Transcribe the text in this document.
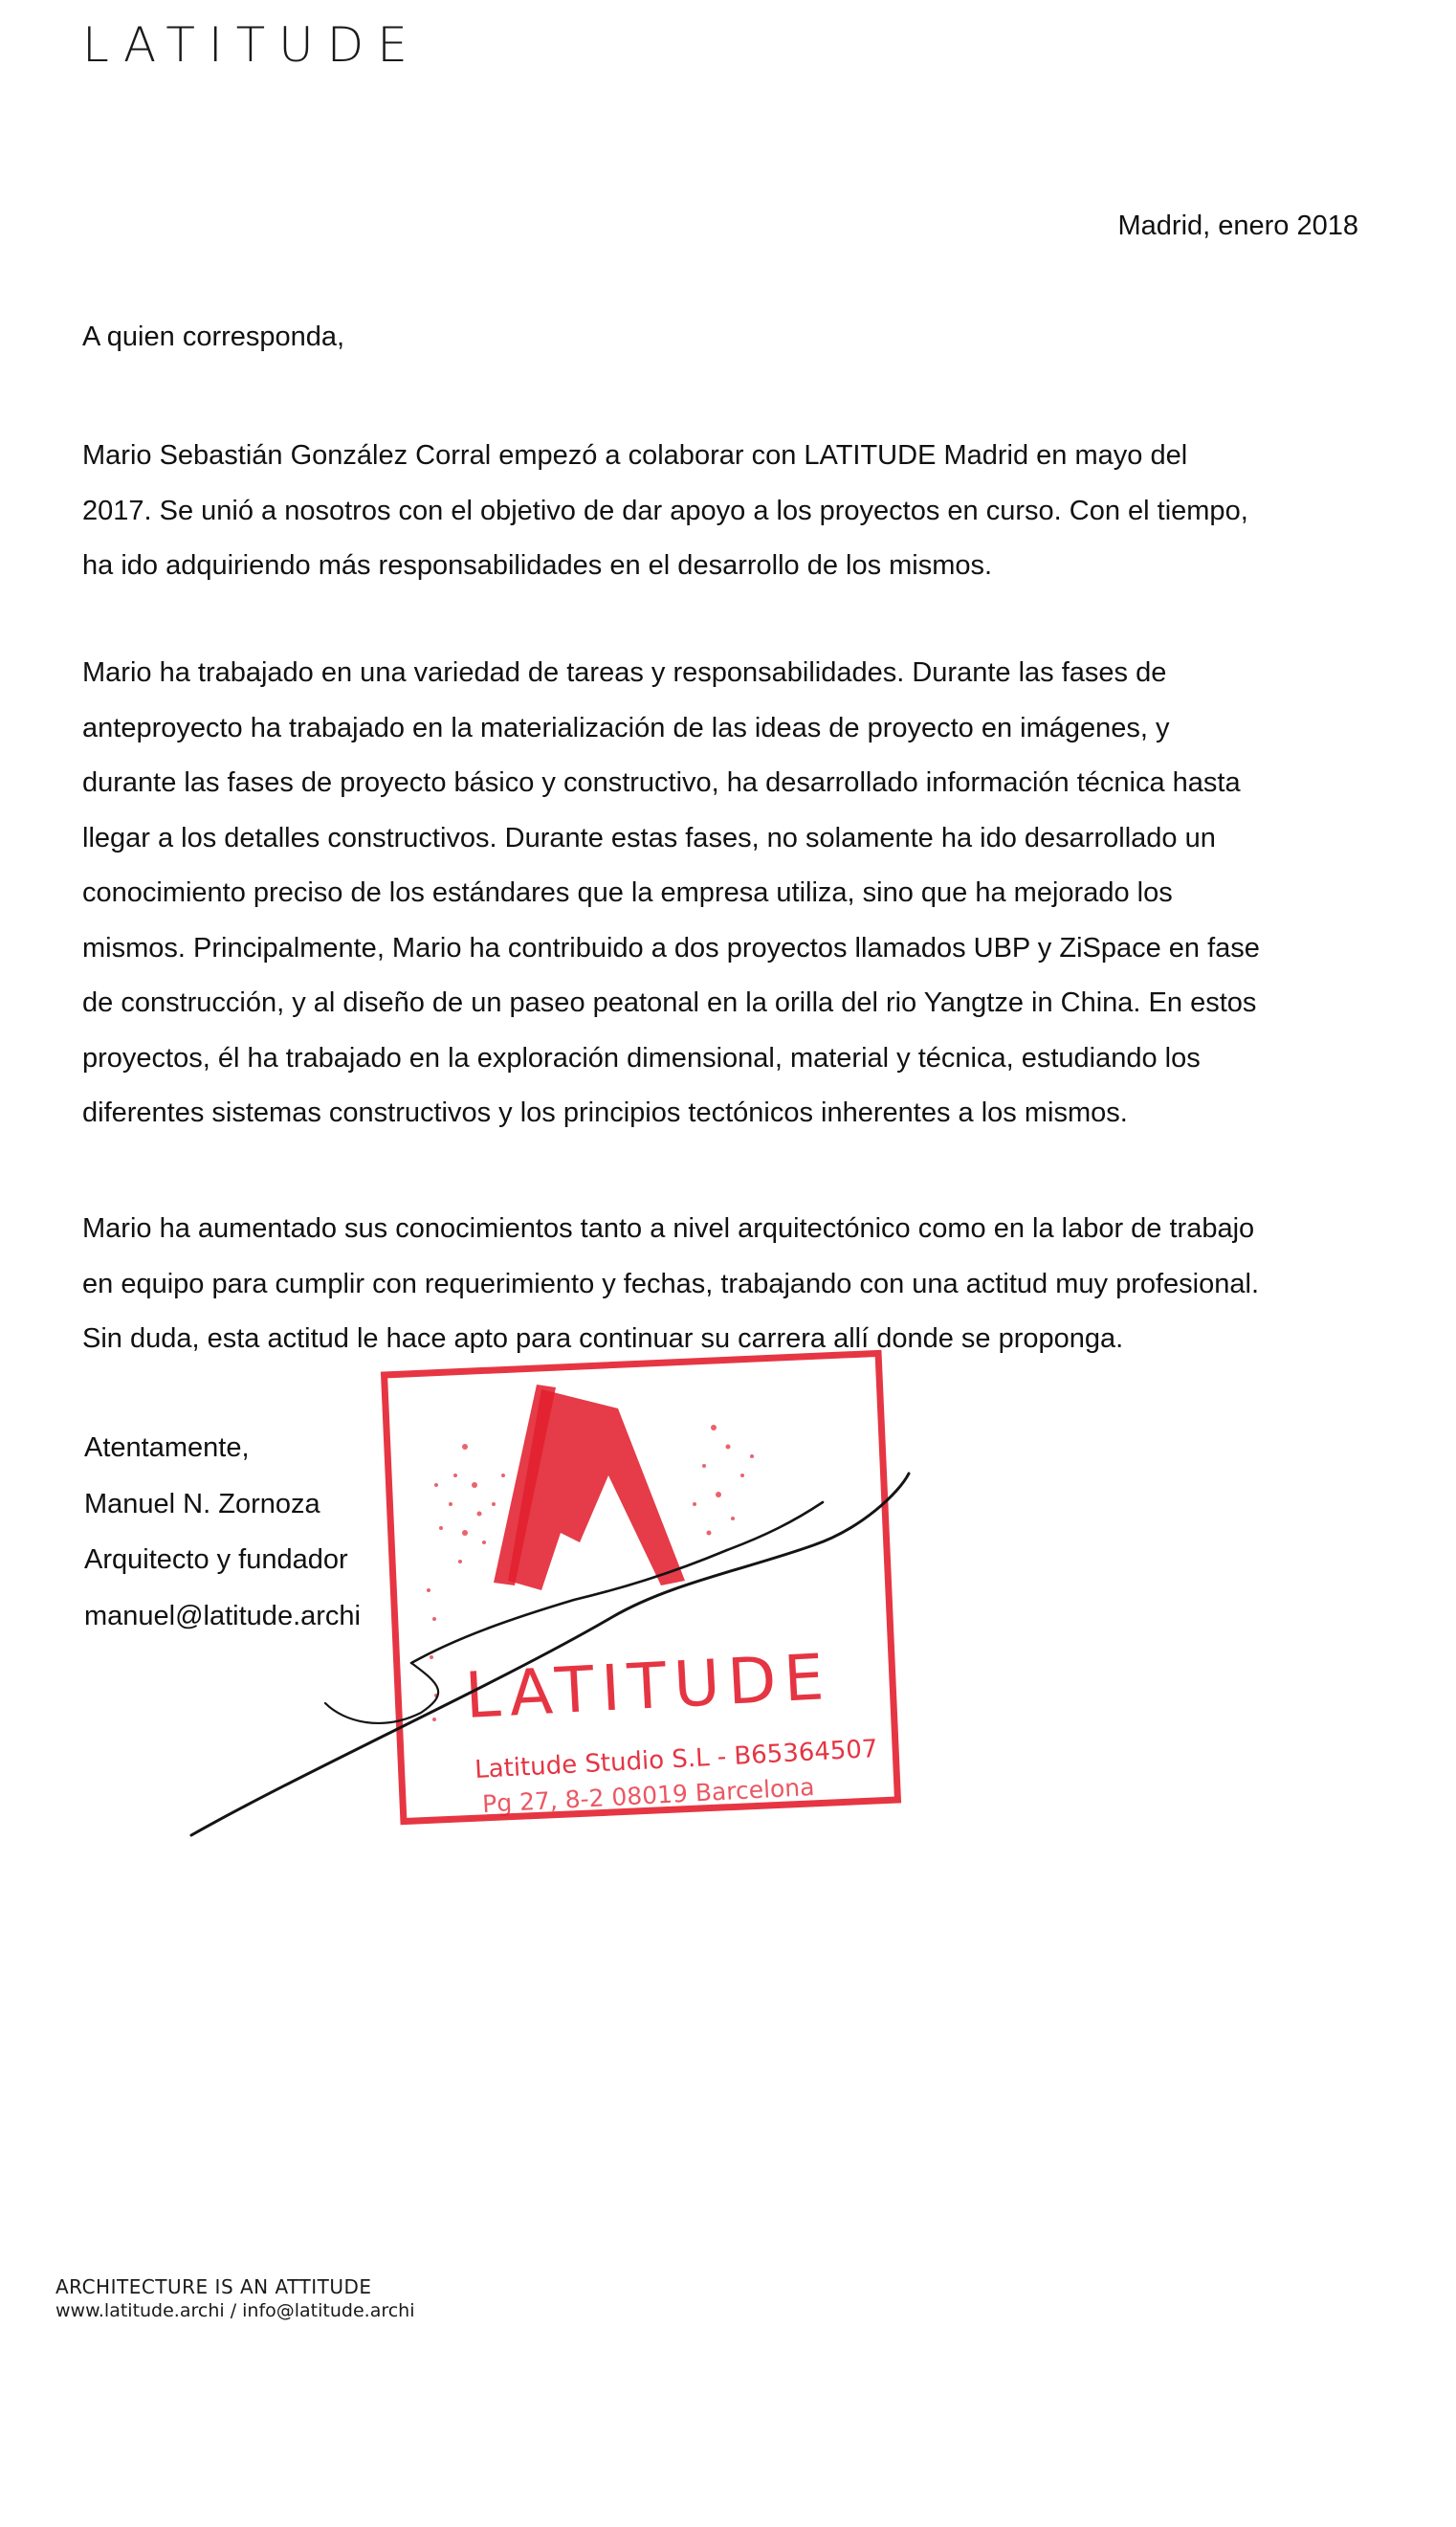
LATITUDE
Madrid, enero 2018
A quien corresponda,
Mario Sebastián González Corral empezó a colaborar con LATITUDE Madrid en mayo del
2017. Se unió a nosotros con el objetivo de dar apoyo a los proyectos en curso. Con el tiempo,
ha ido adquiriendo más responsabilidades en el desarrollo de los mismos.
Mario ha trabajado en una variedad de tareas y responsabilidades. Durante las fases de
anteproyecto ha trabajado en la materialización de las ideas de proyecto en imágenes, y
durante las fases de proyecto básico y constructivo, ha desarrollado información técnica hasta
llegar a los detalles constructivos. Durante estas fases, no solamente ha ido desarrollado un
conocimiento preciso de los estándares que la empresa utiliza, sino que ha mejorado los
mismos. Principalmente, Mario ha contribuido a dos proyectos llamados UBP y ZiSpace en fase
de construcción, y al diseño de un paseo peatonal en la orilla del rio Yangtze in China. En estos
proyectos, él ha trabajado en la exploración dimensional, material y técnica, estudiando los
diferentes sistemas constructivos y los principios tectónicos inherentes a los mismos.
Mario ha aumentado sus conocimientos tanto a nivel arquitectónico como en la labor de trabajo
en equipo para cumplir con requerimiento y fechas, trabajando con una actitud muy profesional.
Sin duda, esta actitud le hace apto para continuar su carrera allí donde se proponga.
Atentamente,
Manuel N. Zornoza
Arquitecto y fundador
manuel@latitude.archi
LATITUDE
Latitude Studio S.L - B65364507
Pg 27, 8-2 08019 Barcelona
ARCHITECTURE IS AN ATTITUDE
www.latitude.archi / info@latitude.archi
